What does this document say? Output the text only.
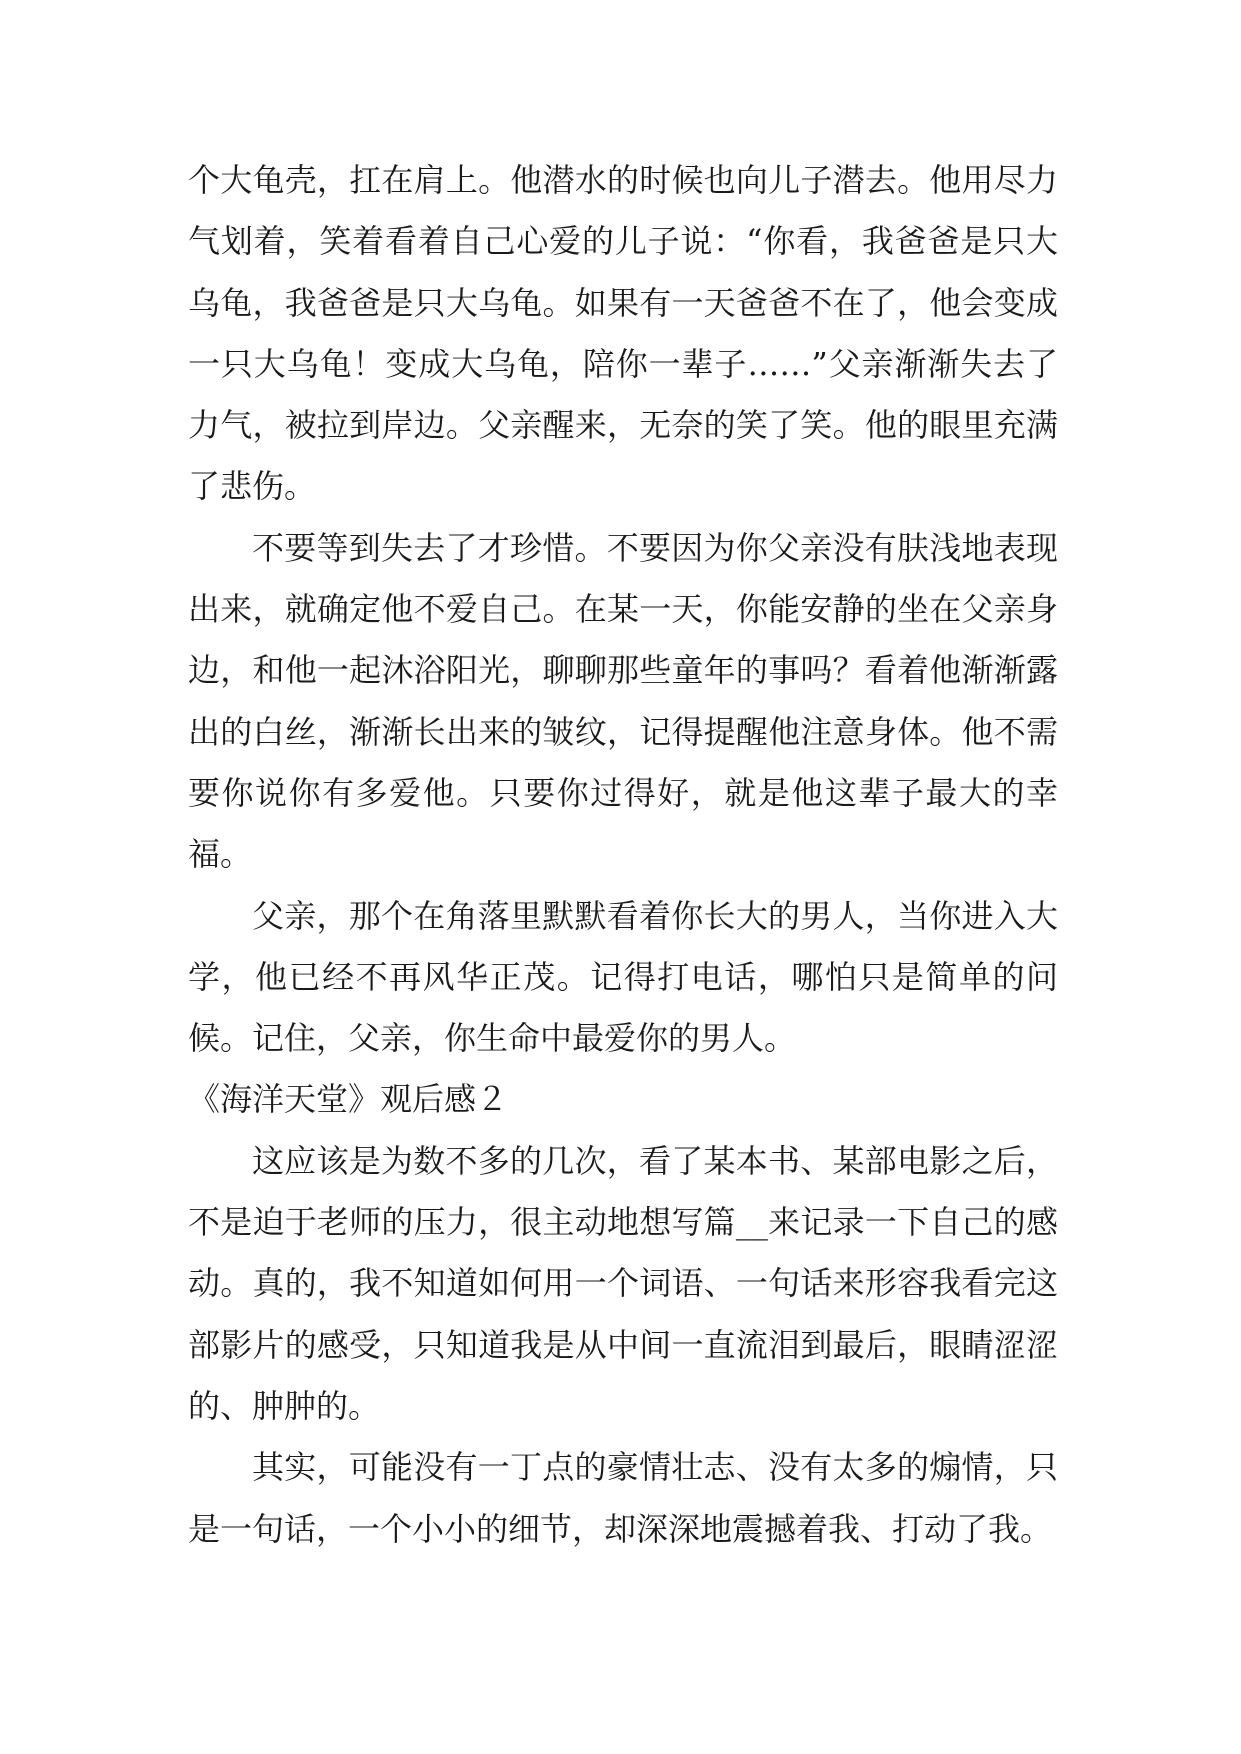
个大龟壳，扛在肩上。他潜水的时候也向儿子潜去。他用尽力气划着，笑着看着自己心爱的儿子说：“你看，我爸爸是只大乌龟，我爸爸是只大乌龟。如果有一天爸爸不在了，他会变成一只大乌龟！变成大乌龟，陪你一辈子……”父亲渐渐失去了力气，被拉到岸边。父亲醒来，无奈的笑了笑。他的眼里充满了悲伤。

不要等到失去了才珍惜。不要因为你父亲没有肤浅地表现出来，就确定他不爱自己。在某一天，你能安静的坐在父亲身边，和他一起沐浴阳光，聊聊那些童年的事吗？看着他渐渐露出的白丝，渐渐长出来的皱纹，记得提醒他注意身体。他不需要你说你有多爱他。只要你过得好，就是他这辈子最大的幸福。

父亲，那个在角落里默默看着你长大的男人，当你进入大学，他已经不再风华正茂。记得打电话，哪怕只是简单的问候。记住，父亲，你生命中最爱你的男人。

《海洋天堂》观后感２

这应该是为数不多的几次，看了某本书、某部电影之后，不是迫于老师的压力，很主动地想写篇__来记录一下自己的感动。真的，我不知道如何用一个词语、一句话来形容我看完这部影片的感受，只知道我是从中间一直流泪到最后，眼睛涩涩的、肿肿的。

其实，可能没有一丁点的豪情壮志、没有太多的煽情，只是一句话，一个小小的细节，却深深地震撼着我、打动了我。
